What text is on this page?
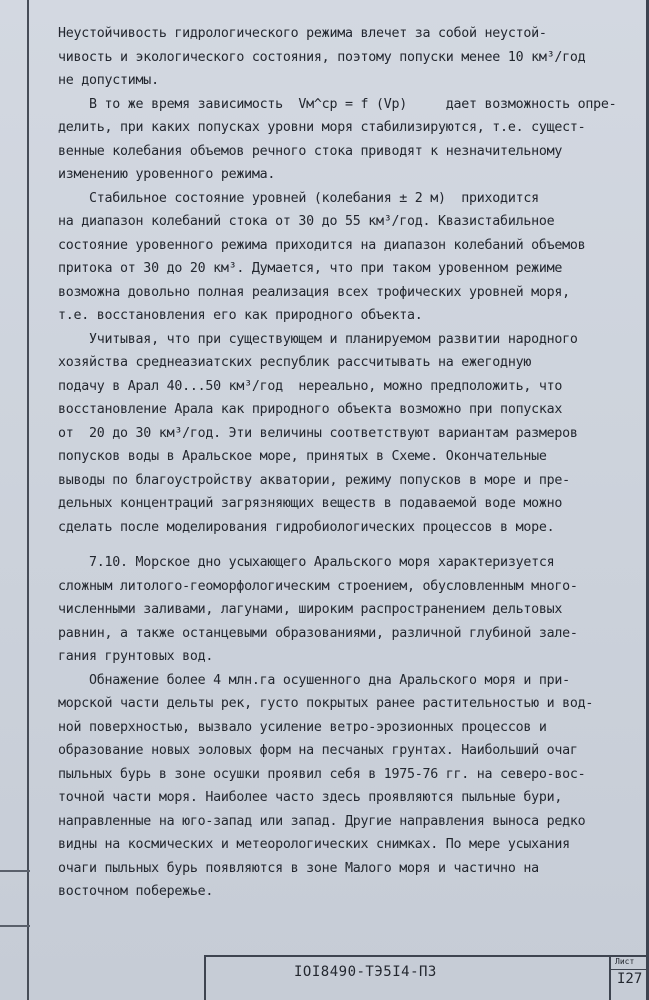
Неустойчивость гидрологического режима влечет за собой неустой-
чивость и экологического состояния, поэтому попуски менее 10 км³/год
не допустимы.
В то же время зависимость  Vм^ср = f (Vр)     дает возможность опре-
делить, при каких попусках уровни моря стабилизируются, т.е. сущест-
венные колебания объемов речного стока приводят к незначительному
изменению уровенного режима.
Стабильное состояние уровней (колебания ± 2 м)  приходится
на диапазон колебаний стока от 30 до 55 км³/год. Квазистабильное
состояние уровенного режима приходится на диапазон колебаний объемов
притока от 30 до 20 км³. Думается, что при таком уровенном режиме
возможна довольно полная реализация всех трофических уровней моря,
т.е. восстановления его как природного объекта.
Учитывая, что при существующем и планируемом развитии народного
хозяйства среднеазиатских республик рассчитывать на ежегодную
подачу в Арал 40...50 км³/год  нереально, можно предположить, что
восстановление Арала как природного объекта возможно при попусках
от  20 до 30 км³/год. Эти величины соответствуют вариантам размеров
попусков воды в Аральское море, принятых в Схеме. Окончательные
выводы по благоустройству акватории, режиму попусков в море и пре-
дельных концентраций загрязняющих веществ в подаваемой воде можно
сделать после моделирования гидробиологических процессов в море.
7.10. Морское дно усыхающего Аральского моря характеризуется
сложным литолого-геоморфологическим строением, обусловленным много-
численными заливами, лагунами, широким распространением дельтовых
равнин, а также останцевыми образованиями, различной глубиной зале-
гания грунтовых вод.
Обнажение более 4 млн.га осушенного дна Аральского моря и при-
морской части дельты рек, густо покрытых ранее растительностью и вод-
ной поверхностью, вызвало усиление ветро-эрозионных процессов и
образование новых эоловых форм на песчаных грунтах. Наибольший очаг
пыльных бурь в зоне осушки проявил себя в 1975-76 гг. на северо-вос-
точной части моря. Наиболее часто здесь проявляются пыльные бури,
направленные на юго-запад или запад. Другие направления выноса редко
видны на космических и метеорологических снимках. По мере усыхания
очаги пыльных бурь появляются в зоне Малого моря и частично на
восточном побережье.
IOI8490-ТЭ5I4-ПЗ
Лист
I27
